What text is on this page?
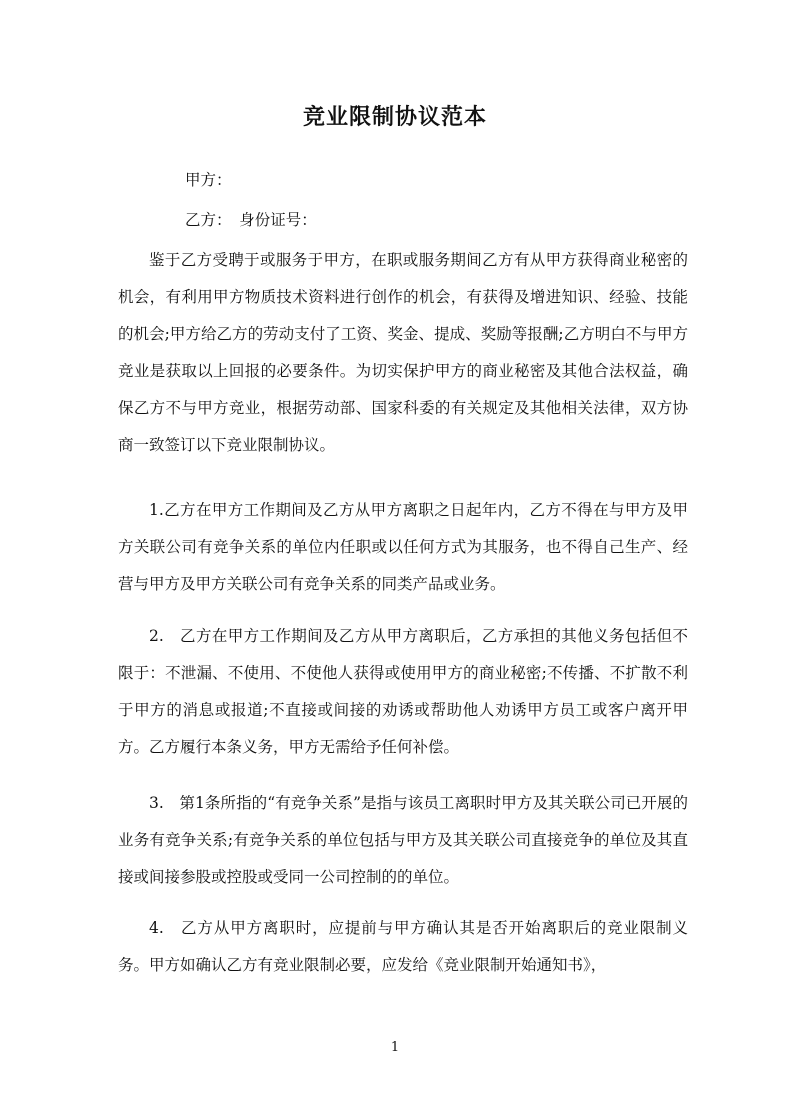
竞业限制协议范本
甲方：
乙方：　身份证号：

鉴于乙方受聘于或服务于甲方，在职或服务期间乙方有从甲方获得商业秘密的机会，有利用甲方物质技术资料进行创作的机会，有获得及增进知识、经验、技能的机会;甲方给乙方的劳动支付了工资、奖金、提成、奖励等报酬;乙方明白不与甲方竞业是获取以上回报的必要条件。为切实保护甲方的商业秘密及其他合法权益，确保乙方不与甲方竞业，根据劳动部、国家科委的有关规定及其他相关法律，双方协商一致签订以下竞业限制协议。

1.乙方在甲方工作期间及乙方从甲方离职之日起年内，乙方不得在与甲方及甲方关联公司有竞争关系的单位内任职或以任何方式为其服务，也不得自己生产、经营与甲方及甲方关联公司有竞争关系的同类产品或业务。

2.　乙方在甲方工作期间及乙方从甲方离职后，乙方承担的其他义务包括但不限于：不泄漏、不使用、不使他人获得或使用甲方的商业秘密;不传播、不扩散不利于甲方的消息或报道;不直接或间接的劝诱或帮助他人劝诱甲方员工或客户离开甲方。乙方履行本条义务，甲方无需给予任何补偿。

3.　第1条所指的“有竞争关系”是指与该员工离职时甲方及其关联公司已开展的业务有竞争关系;有竞争关系的单位包括与甲方及其关联公司直接竞争的单位及其直接或间接参股或控股或受同一公司控制的的单位。

4.　乙方从甲方离职时，应提前与甲方确认其是否开始离职后的竞业限制义务。甲方如确认乙方有竞业限制必要，应发给《竞业限制开始通知书》，

1
